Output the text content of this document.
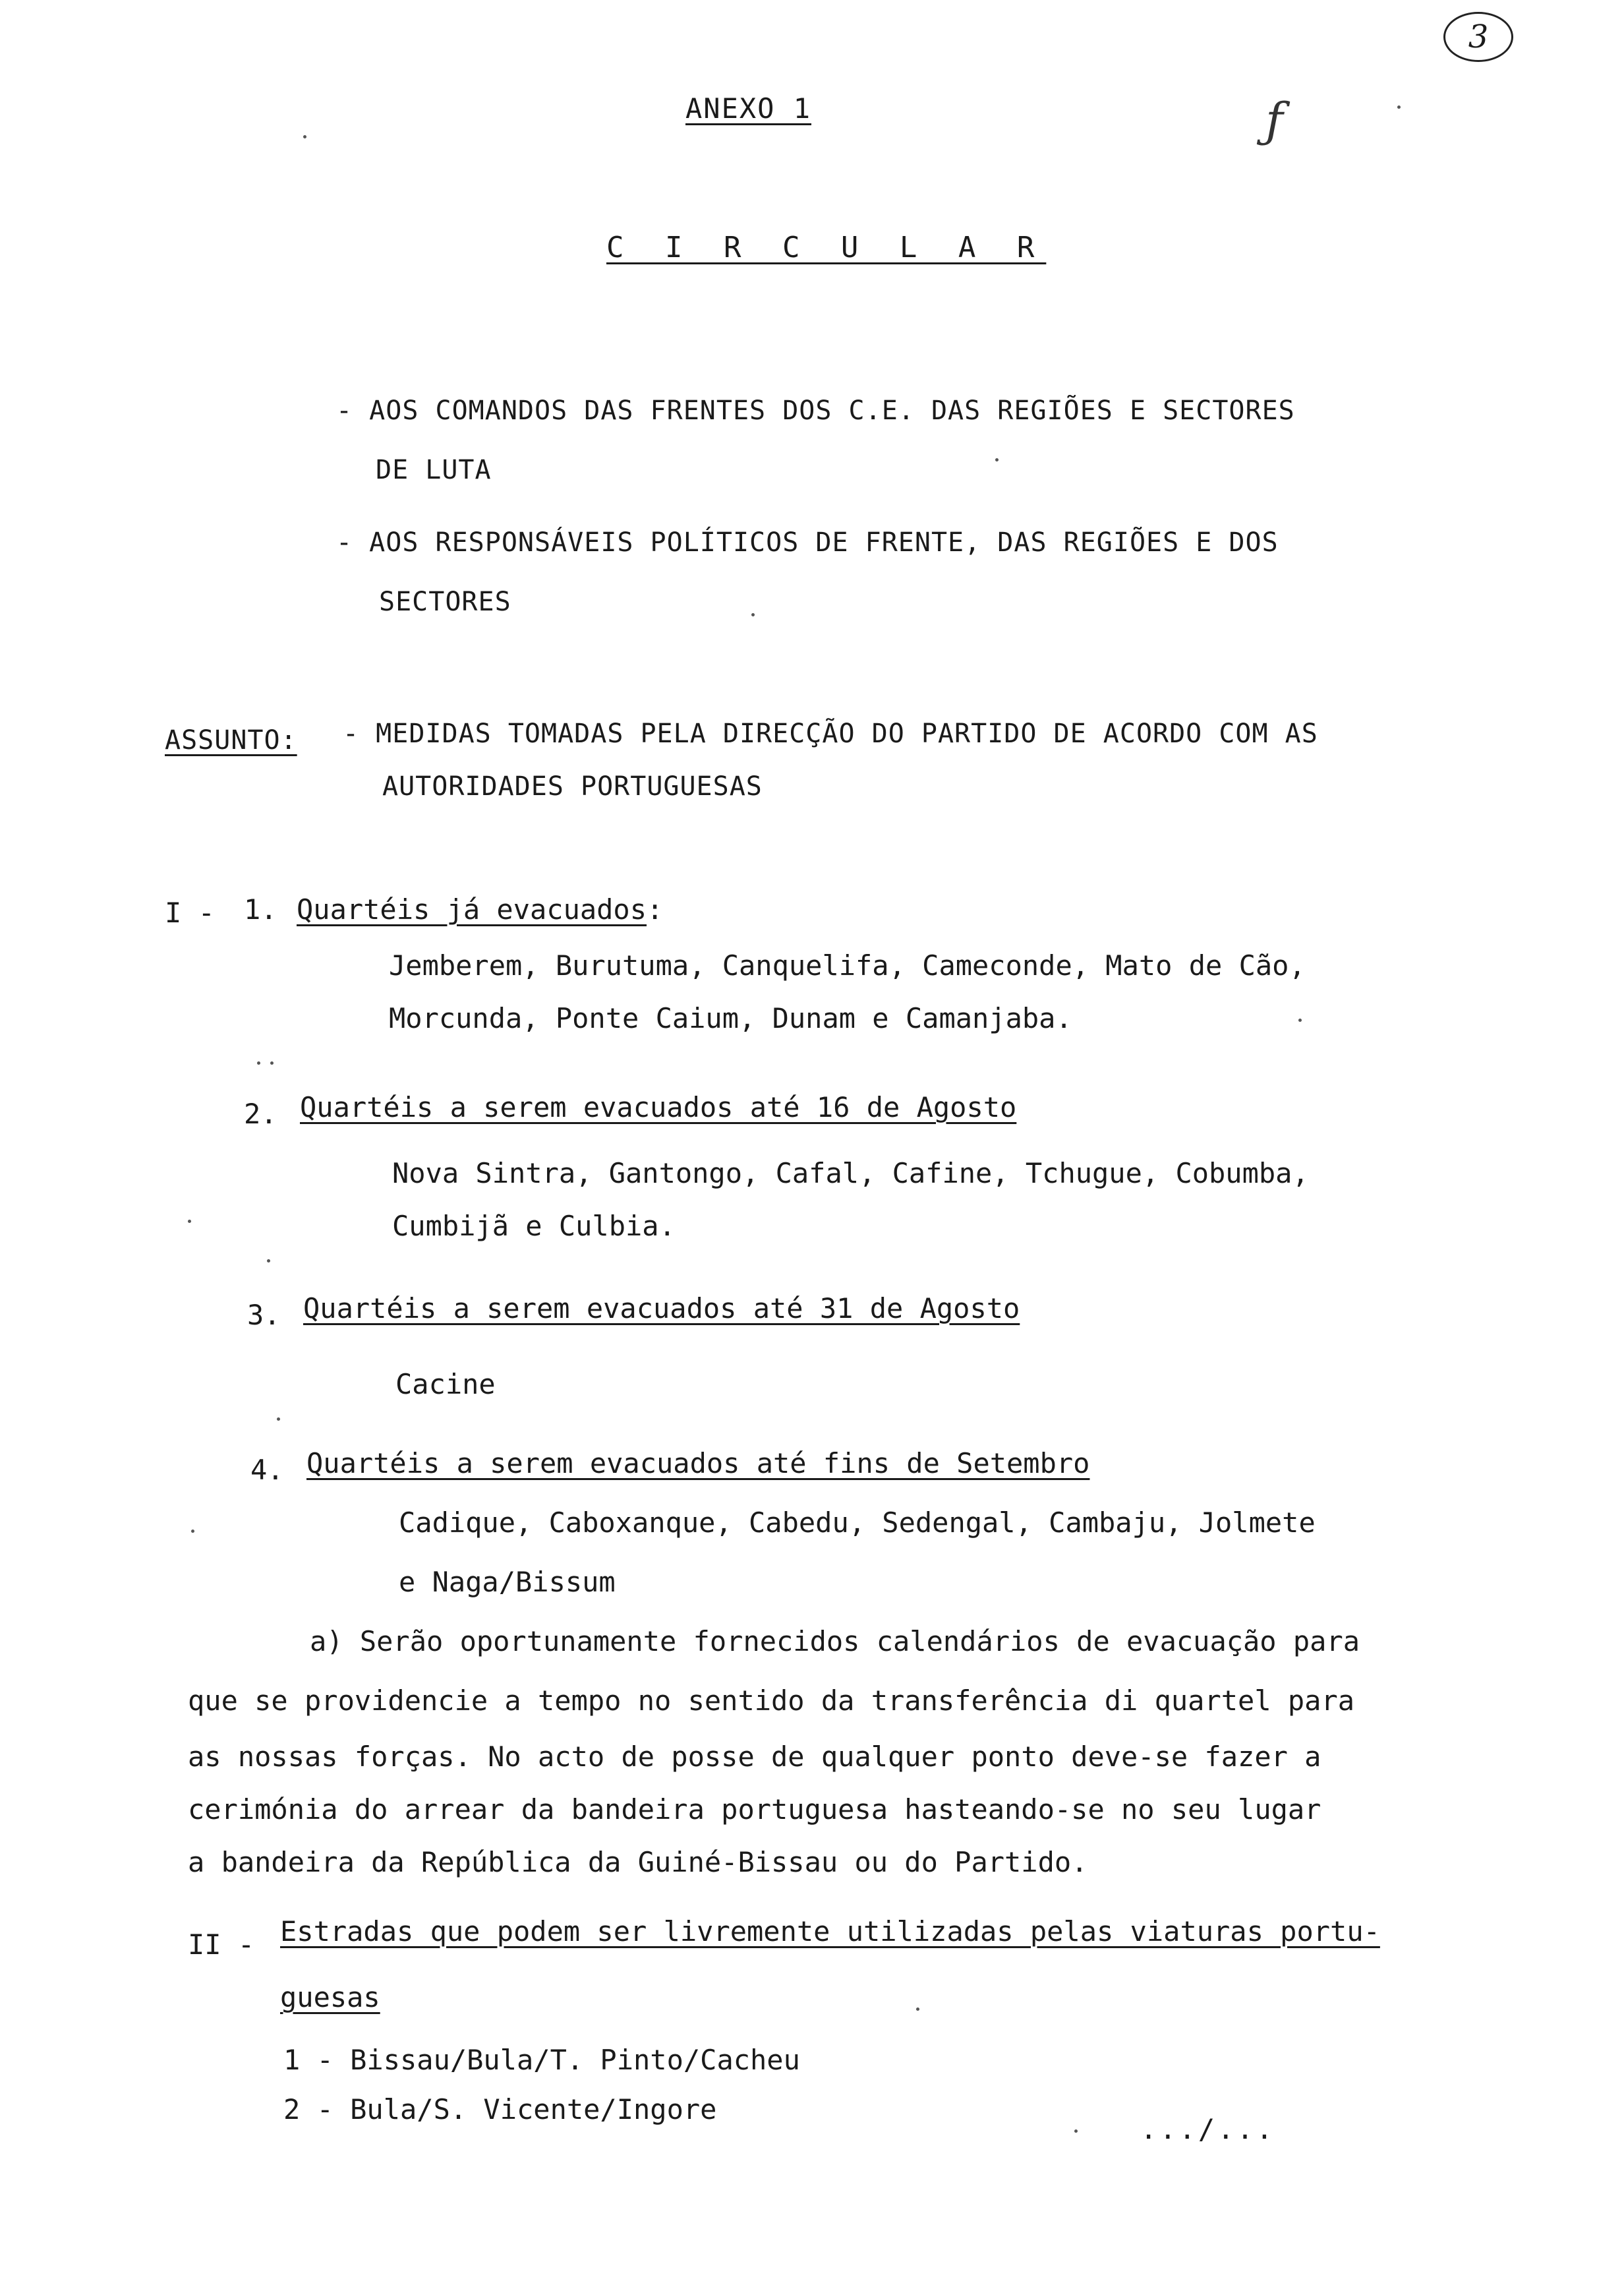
3
ƒ
ANEXO 1
C I R C U L A R
- AOS COMANDOS DAS FRENTES DOS C.E. DAS REGIÕES E SECTORES
DE LUTA
- AOS RESPONSÁVEIS POLÍTICOS DE FRENTE, DAS REGIÕES E DOS
SECTORES
ASSUNTO: - MEDIDAS TOMADAS PELA DIRECÇÃO DO PARTIDO DE ACORDO COM AS
AUTORIDADES PORTUGUESAS
I - 1. Quartéis já evacuados:
Jemberem, Burutuma, Canquelifa, Cameconde, Mato de Cão,
Morcunda, Ponte Caium, Dunam e Camanjaba.
2. Quartéis a serem evacuados até 16 de Agosto
Nova Sintra, Gantongo, Cafal, Cafine, Tchugue, Cobumba,
Cumbijã e Culbia.
3. Quartéis a serem evacuados até 31 de Agosto
Cacine
4. Quartéis a serem evacuados até fins de Setembro
Cadique, Caboxanque, Cabedu, Sedengal, Cambaju, Jolmete
e Naga/Bissum
a) Serão oportunamente fornecidos calendários de evacuação para
que se providencie a tempo no sentido da transferência di quartel para
as nossas forças. No acto de posse de qualquer ponto deve-se fazer a
cerimónia do arrear da bandeira portuguesa hasteando-se no seu lugar
a bandeira da República da Guiné-Bissau ou do Partido.
II - Estradas que podem ser livremente utilizadas pelas viaturas portu-
guesas
1 - Bissau/Bula/T. Pinto/Cacheu
2 - Bula/S. Vicente/Ingore
.../...
